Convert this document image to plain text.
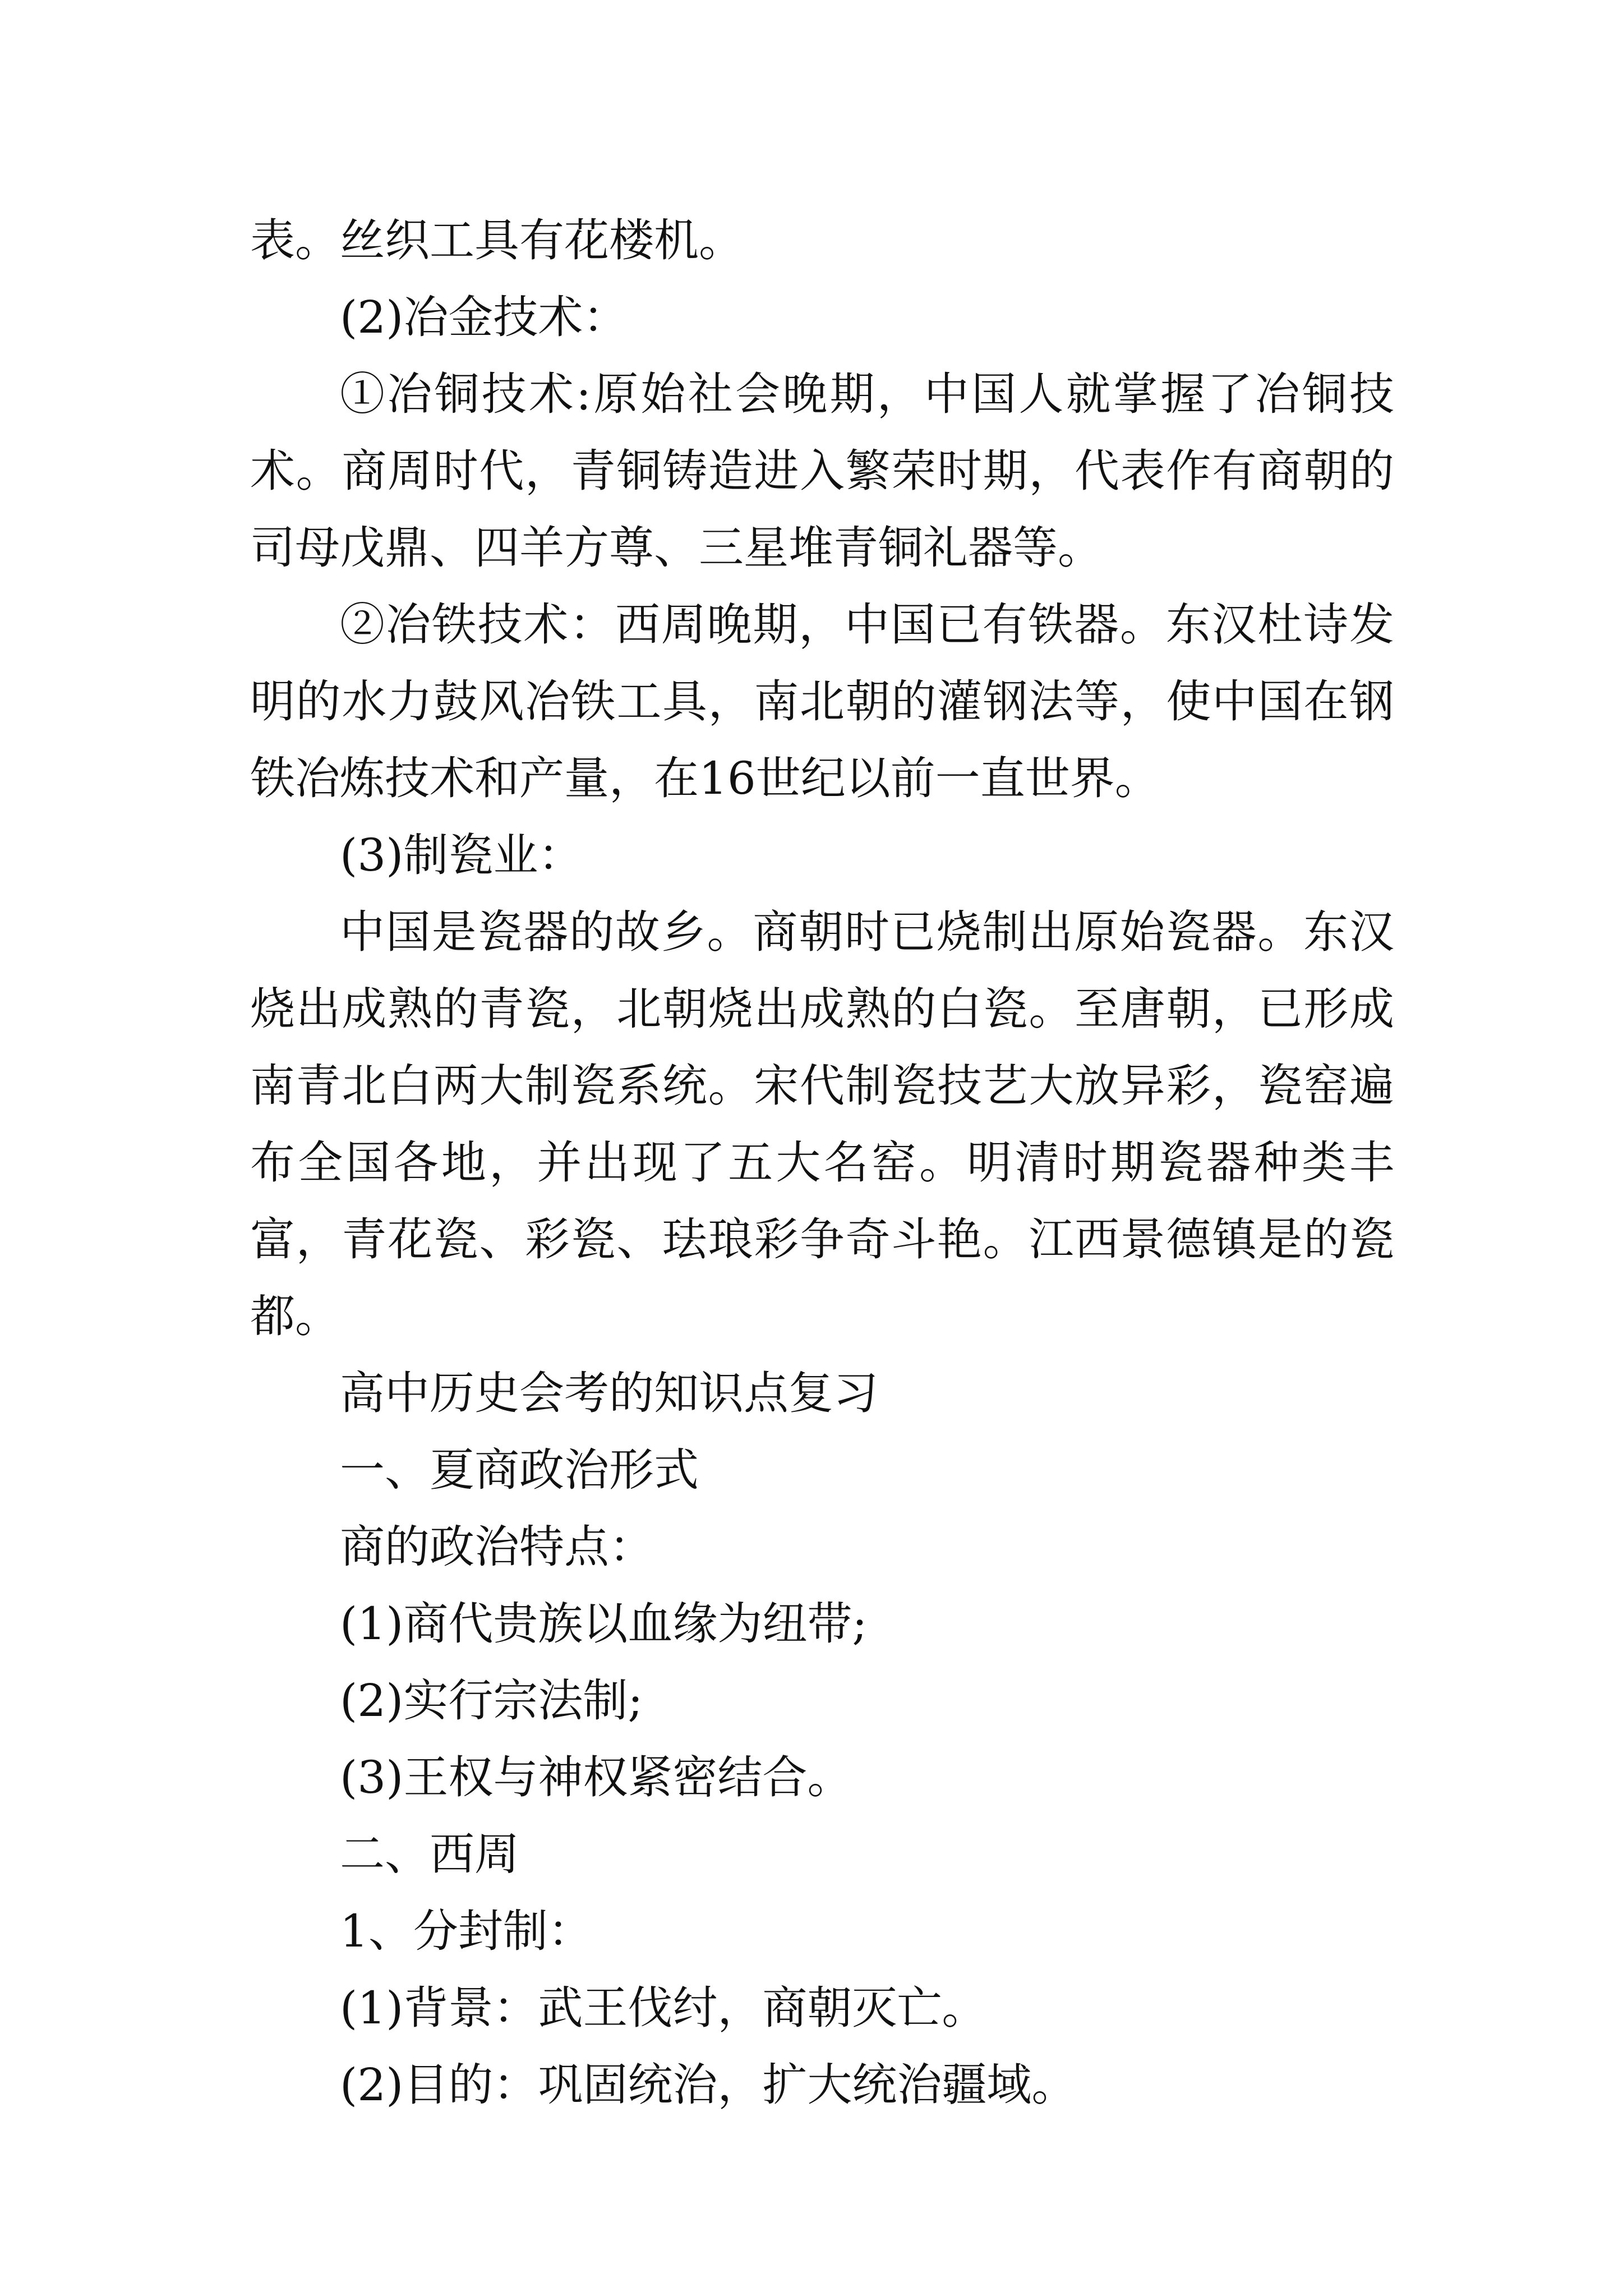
表。丝织工具有花楼机。

(2)冶金技术：

①冶铜技术:原始社会晚期，中国人就掌握了冶铜技术。商周时代，青铜铸造进入繁荣时期，代表作有商朝的司母戊鼎、四羊方尊、三星堆青铜礼器等。

②冶铁技术：西周晚期，中国已有铁器。东汉杜诗发明的水力鼓风冶铁工具，南北朝的灌钢法等，使中国在钢铁冶炼技术和产量，在16世纪以前一直世界。

(3)制瓷业：

中国是瓷器的故乡。商朝时已烧制出原始瓷器。东汉烧出成熟的青瓷，北朝烧出成熟的白瓷。至唐朝，已形成南青北白两大制瓷系统。宋代制瓷技艺大放异彩，瓷窑遍布全国各地，并出现了五大名窑。明清时期瓷器种类丰富，青花瓷、彩瓷、珐琅彩争奇斗艳。江西景德镇是的瓷都。

高中历史会考的知识点复习

一、夏商政治形式

商的政治特点：

(1)商代贵族以血缘为纽带;

(2)实行宗法制;

(3)王权与神权紧密结合。

二、西周

1、分封制：

(1)背景：武王伐纣，商朝灭亡。

(2)目的：巩固统治，扩大统治疆域。
